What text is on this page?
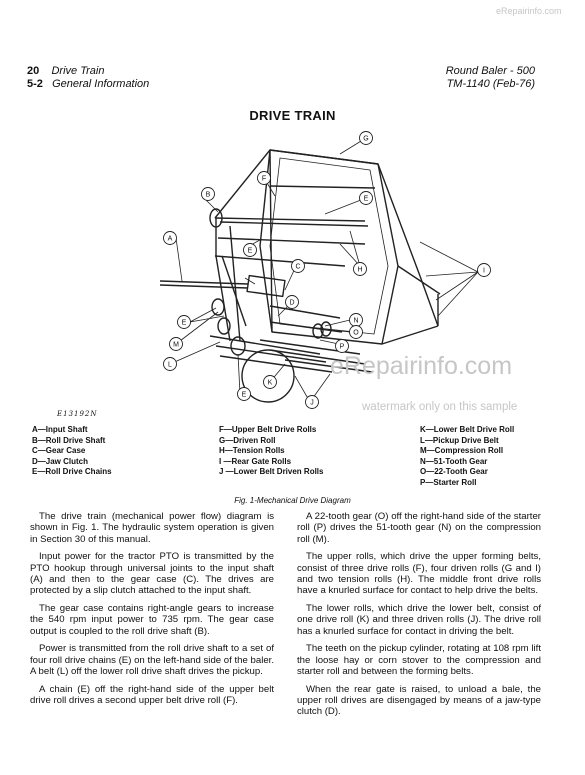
20 Drive Train
5-2 General Information
Round Baler - 500
TM-1140 (Feb-76)
DRIVE TRAIN
A
B
C
D
E
E
E
E
F
G
H	I
J
K
L
M
N
O
P
E13192N
A—Input Shaft
B—Roll Drive Shaft
C—Gear Case
D—Jaw Clutch
E—Roll Drive Chains
F—Upper Belt Drive Rolls
G—Driven Roll
H—Tension Rolls
I —Rear Gate Rolls
J —Lower Belt Driven Rolls
K—Lower Belt Drive Roll
L—Pickup Drive Belt
M—Compression Roll
N—51-Tooth Gear
O—22-Tooth Gear
P—Starter Roll
Fig. 1-Mechanical Drive Diagram

The drive train (mechanical power flow) diagram is shown in Fig. 1. The hydraulic system operation is given in Section 30 of this manual.

Input power for the tractor PTO is transmitted by the PTO hookup through universal joints to the input shaft (A) and then to the gear case (C). The drives are protected by a slip clutch attached to the input shaft.

The gear case contains right-angle gears to increase the 540 rpm input power to 735 rpm. The gear case output is coupled to the roll drive shaft (B).

Power is transmitted from the roll drive shaft to a set of four roll drive chains (E) on the left-hand side of the baler. A belt (L) off the lower roll drive shaft drives the pickup.

A chain (E) off the right-hand side of the upper belt drive roll drives a second upper belt drive roll (F).

A 22-tooth gear (O) off the right-hand side of the starter roll (P) drives the 51-tooth gear (N) on the compression roll (M).

The upper rolls, which drive the upper forming belts, consist of three drive rolls (F), four driven rolls (G and I) and two tension rolls (H). The middle front drive rolls have a knurled surface for contact to help drive the belts.

The lower rolls, which drive the lower belt, consist of one drive roll (K) and three driven rolls (J). The drive roll has a knurled surface for contact in driving the belt.

The teeth on the pickup cylinder, rotating at 108 rpm lift the loose hay or corn stover to the compression and starter roll and between the forming belts.

When the rear gate is raised, to unload a bale, the upper roll drives are disengaged by means of a jaw-type clutch (D).

eRepairinfo.com
watermark only on this sample
eRepairinfo.com
